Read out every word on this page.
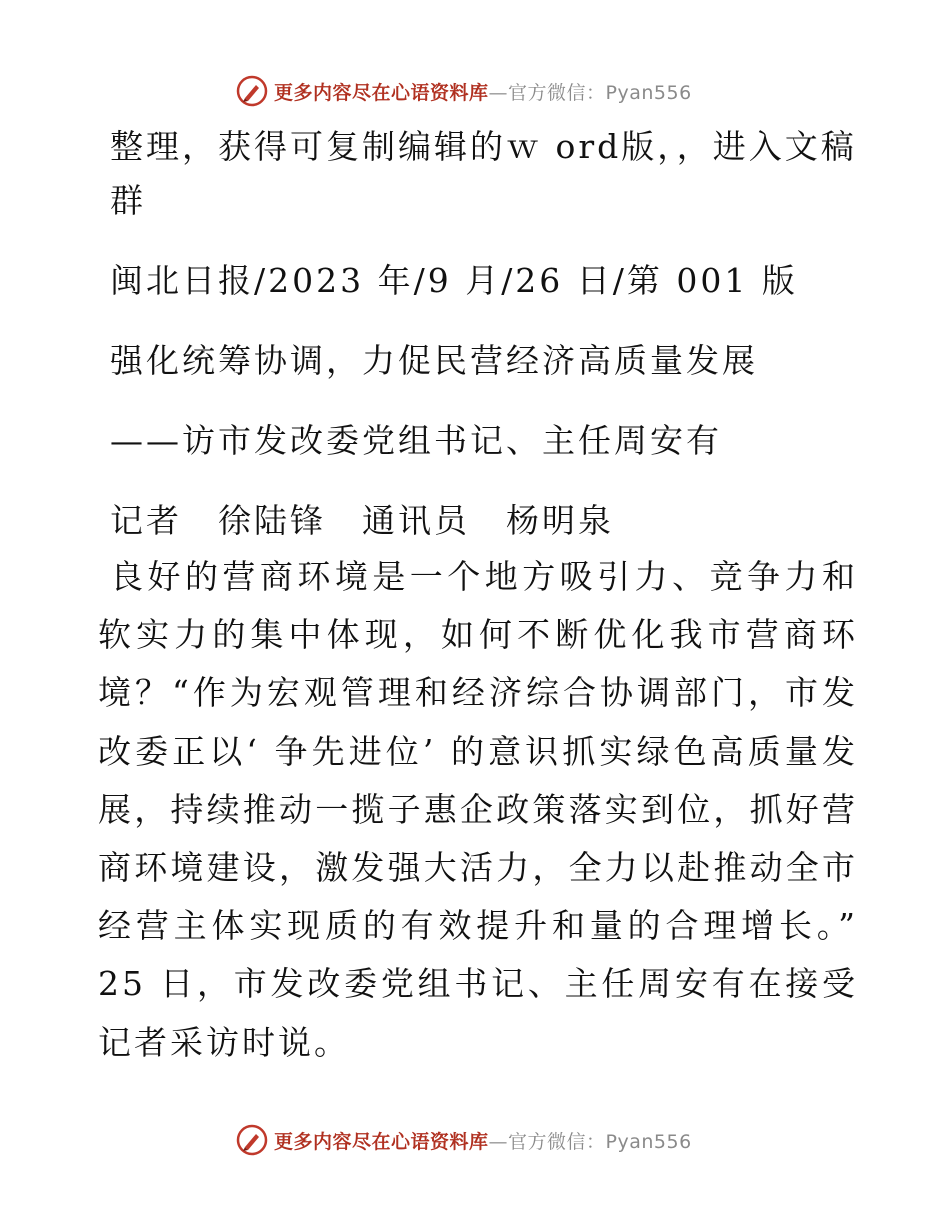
更多内容尽在心语资料库—官方微信：Pyan556

整理，获得可复制编辑的ｗ ord版，，进入文稿群

闽北日报/2023 年/9 月/26 日/第 001 版

强化统筹协调，力促民营经济高质量发展

——访市发改委党组书记、主任周安有

记者　徐陆锋　通讯员　杨明泉

良好的营商环境是一个地方吸引力、竞争力和软实力的集中体现，如何不断优化我市营商环境？“作为宏观管理和经济综合协调部门，市发改委正以‘ 争先进位’ 的意识抓实绿色高质量发展，持续推动一揽子惠企政策落实到位，抓好营商环境建设，激发强大活力，全力以赴推动全市经营主体实现质的有效提升和量的合理增长。” 25 日，市发改委党组书记、主任周安有在接受记者采访时说。

更多内容尽在心语资料库—官方微信：Pyan556
